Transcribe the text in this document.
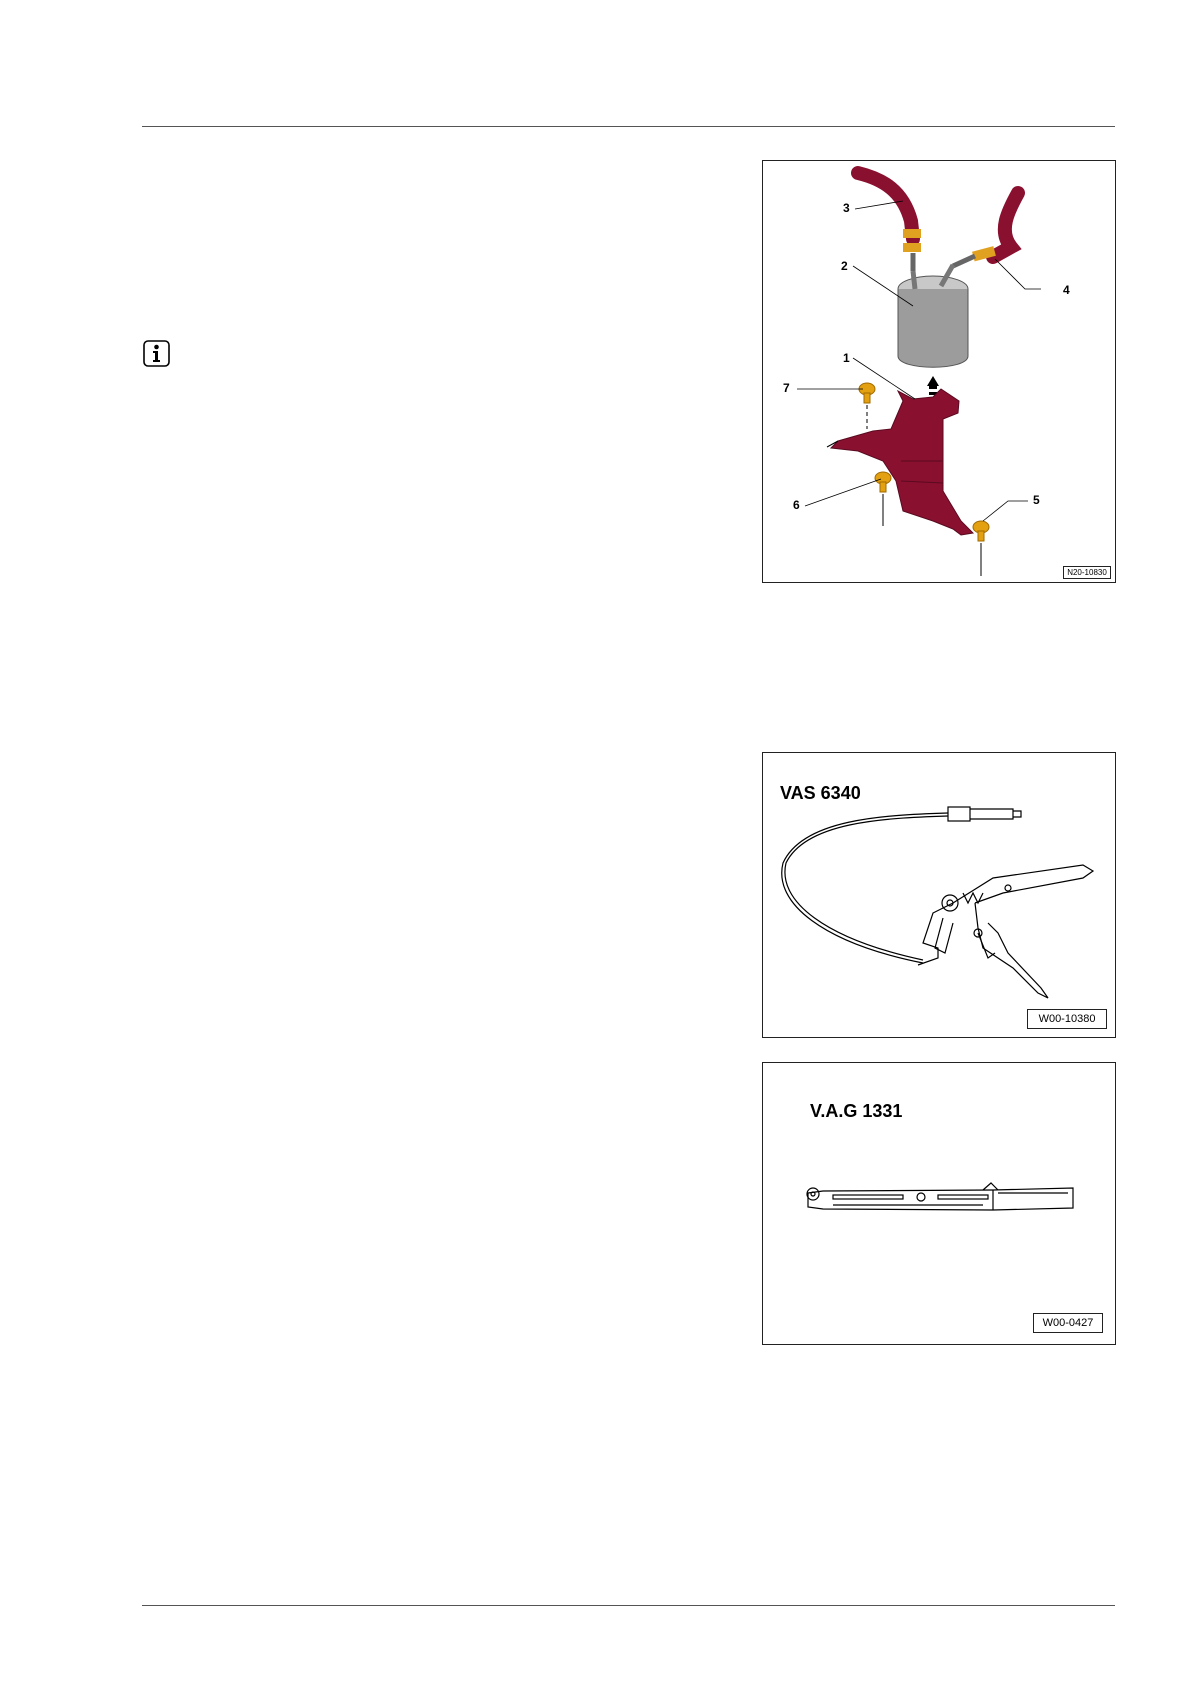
3
2
4
1
7
6	5
N20-10830
VAS 6340
W00-10380
V.A.G 1331
W00-0427
